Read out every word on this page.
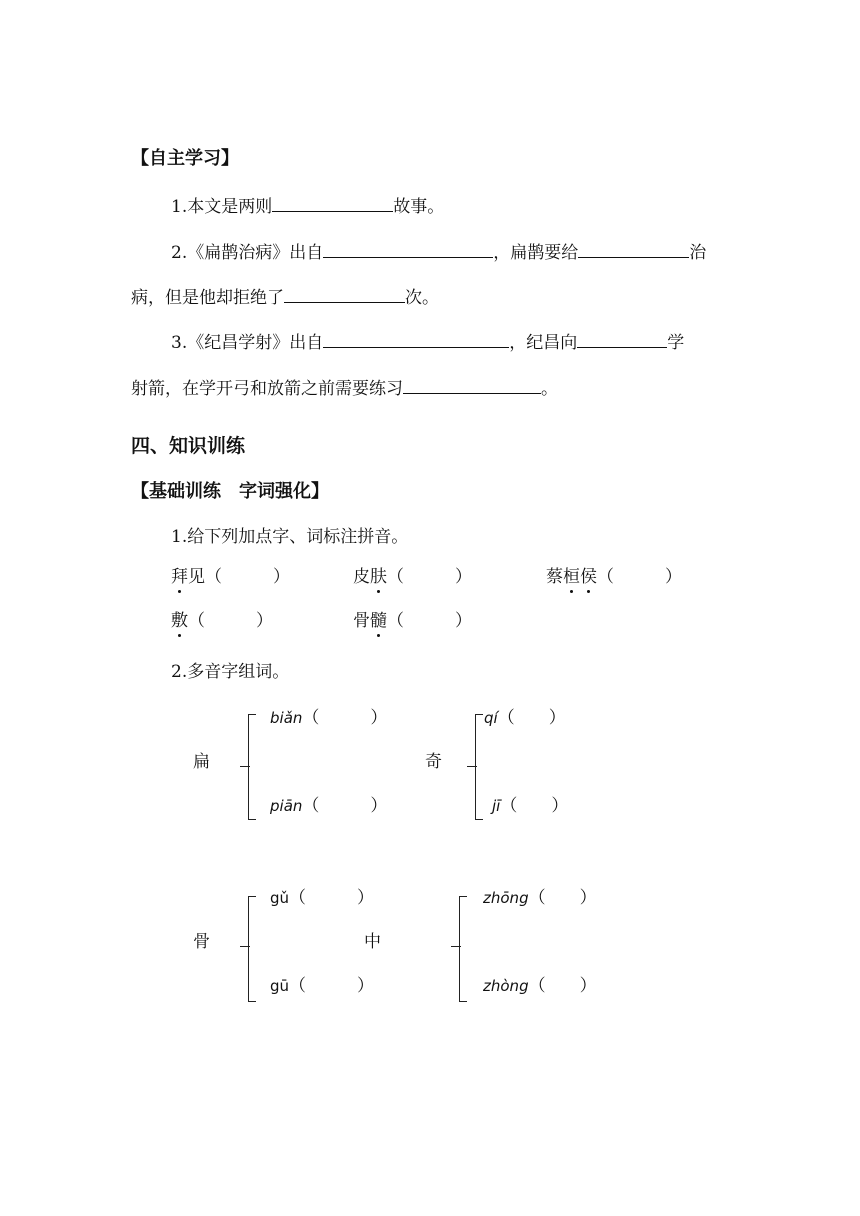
【自主学习】
1.本文是两则	故事。
2.《扁鹊治病》出自	，扁鹊要给	治
病，但是他却拒绝了	次。
3.《纪昌学射》出自	，纪昌向	学
射箭，在学开弓和放箭之前需要练习	。
四、知识训练
【基础训练　字词强化】
1.给下列加点字、词标注拼音。
拜见（　　　）	皮肤（　　　）	蔡桓侯（　　　）
敷（　　　）	骨髓（　　　）
2.多音字组词。
扁
biǎn（　　　）
piān（　　　）
奇
qí（　　）
jī（　　）
骨
gǔ（　　　）
gū（　　　）
中
zhōng（　　）
zhòng（　　）
